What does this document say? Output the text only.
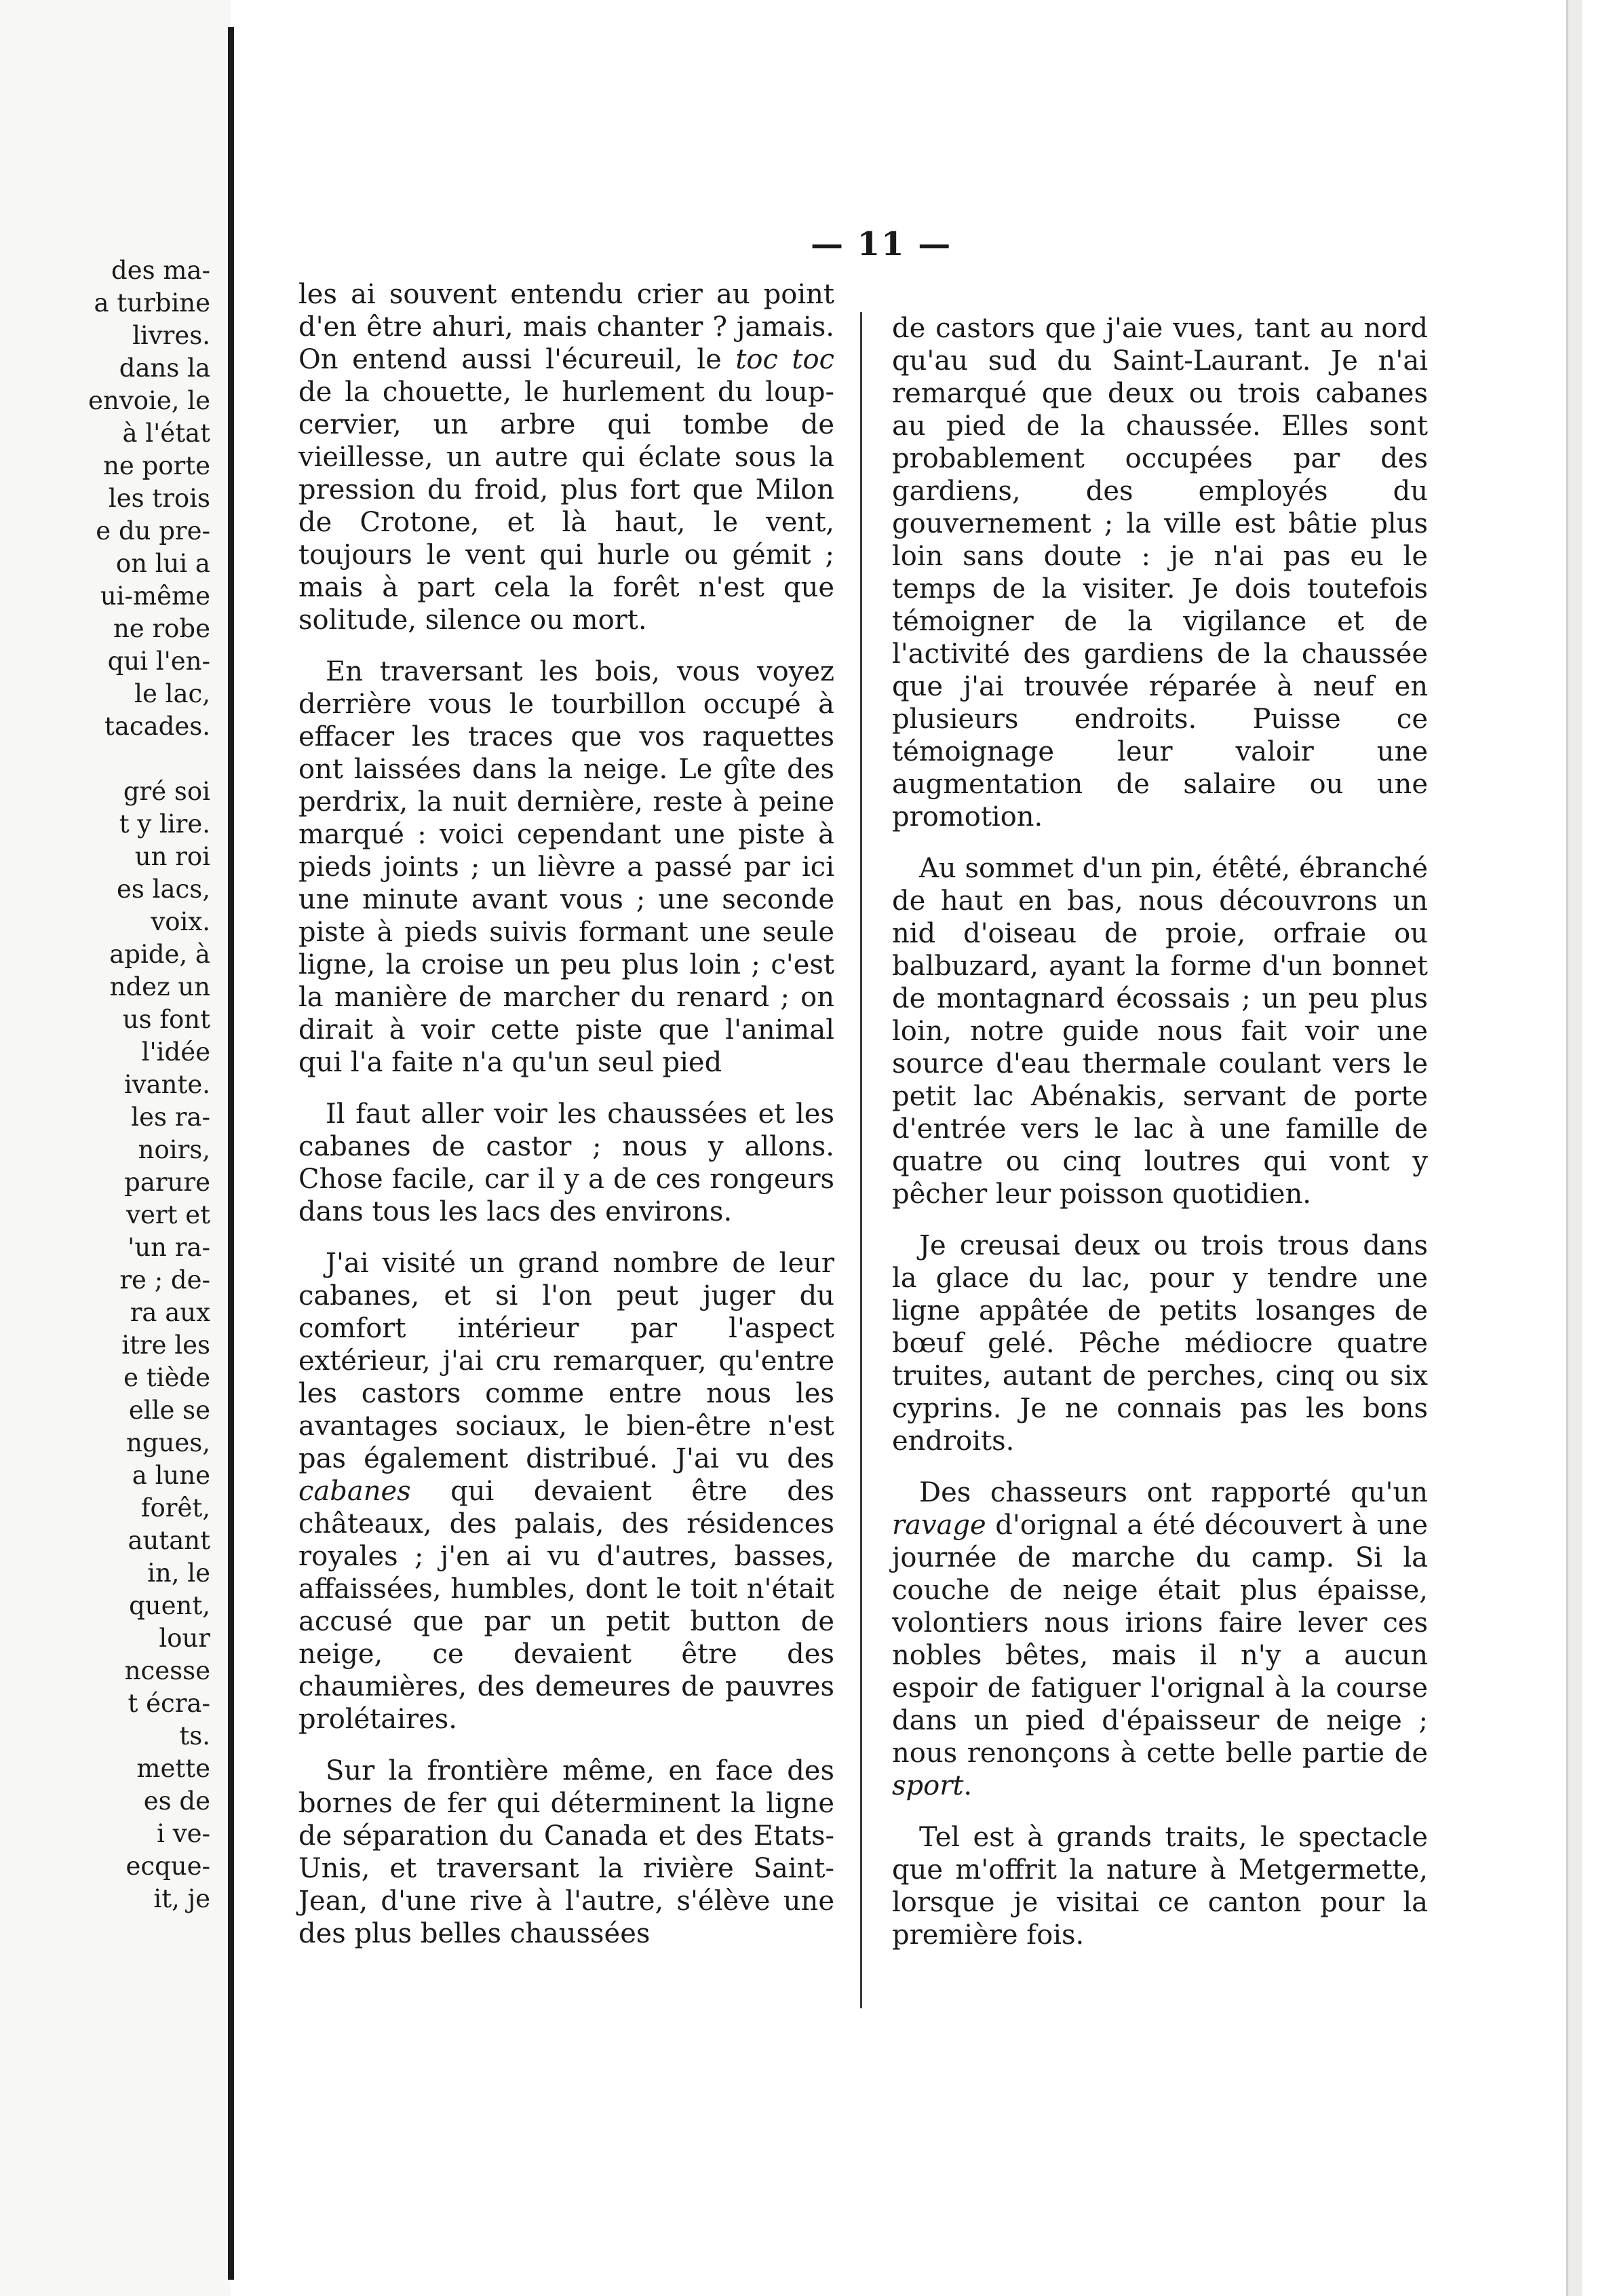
des ma-
a turbine
livres.
dans la
envoie, le
à l'état
ne porte
les trois
e du pre-
on lui a
ui-même
ne robe
qui l'en-
le lac,
tacades.

gré soi
t y lire.
un roi
es lacs,
voix.
apide, à
ndez un
us font
l'idée
ivante.
les ra-
noirs,
parure
vert et
'un ra-
re ; de-
ra aux
itre les
e tiède
elle se
ngues,
a lune
forêt,
autant
in, le
quent,
lour
ncesse
t écra-
ts.
mette
es de
i ve-
ecque-
it, je
— 11 —

les ai souvent entendu crier au point d'en être ahuri, mais chanter ? jamais. On entend aussi l'écureuil, le toc toc de la chouette, le hurlement du loup-cervier, un arbre qui tombe de vieillesse, un autre qui éclate sous la pression du froid, plus fort que Milon de Crotone, et là haut, le vent, toujours le vent qui hurle ou gémit ; mais à part cela la forêt n'est que solitude, silence ou mort.

En traversant les bois, vous voyez derrière vous le tourbillon occupé à effacer les traces que vos raquettes ont laissées dans la neige. Le gîte des perdrix, la nuit dernière, reste à peine marqué : voici cependant une piste à pieds joints ; un lièvre a passé par ici une minute avant vous ; une seconde piste à pieds suivis formant une seule ligne, la croise un peu plus loin ; c'est la manière de marcher du renard ; on dirait à voir cette piste que l'animal qui l'a faite n'a qu'un seul pied

Il faut aller voir les chaussées et les cabanes de castor ; nous y allons. Chose facile, car il y a de ces rongeurs dans tous les lacs des environs.

J'ai visité un grand nombre de leur cabanes, et si l'on peut juger du comfort intérieur par l'aspect extérieur, j'ai cru remarquer, qu'entre les castors comme entre nous les avantages sociaux, le bien-être n'est pas également distribué. J'ai vu des cabanes qui devaient être des châteaux, des palais, des résidences royales ; j'en ai vu d'autres, basses, affaissées, humbles, dont le toit n'était accusé que par un petit button de neige, ce devaient être des chaumières, des demeures de pauvres prolétaires.

Sur la frontière même, en face des bornes de fer qui déterminent la ligne de séparation du Canada et des Etats-Unis, et traversant la rivière Saint-Jean, d'une rive à l'autre, s'élève une des plus belles chaussées

de castors que j'aie vues, tant au nord qu'au sud du Saint-Laurant. Je n'ai remarqué que deux ou trois cabanes au pied de la chaussée. Elles sont probablement occupées par des gardiens, des employés du gouvernement ; la ville est bâtie plus loin sans doute : je n'ai pas eu le temps de la visiter. Je dois toutefois témoigner de la vigilance et de l'activité des gardiens de la chaussée que j'ai trouvée réparée à neuf en plusieurs endroits. Puisse ce témoignage leur valoir une augmentation de salaire ou une promotion.

Au sommet d'un pin, étêté, ébranché de haut en bas, nous découvrons un nid d'oiseau de proie, orfraie ou balbuzard, ayant la forme d'un bonnet de montagnard écossais ; un peu plus loin, notre guide nous fait voir une source d'eau thermale coulant vers le petit lac Abénakis, servant de porte d'entrée vers le lac à une famille de quatre ou cinq loutres qui vont y pêcher leur poisson quotidien.

Je creusai deux ou trois trous dans la glace du lac, pour y tendre une ligne appâtée de petits losanges de bœuf gelé. Pêche médiocre quatre truites, autant de perches, cinq ou six cyprins. Je ne connais pas les bons endroits.

Des chasseurs ont rapporté qu'un ravage d'orignal a été découvert à une journée de marche du camp. Si la couche de neige était plus épaisse, volontiers nous irions faire lever ces nobles bêtes, mais il n'y a aucun espoir de fatiguer l'orignal à la course dans un pied d'épaisseur de neige ; nous renonçons à cette belle partie de sport.

Tel est à grands traits, le spectacle que m'offrit la nature à Metgermette, lorsque je visitai ce canton pour la première fois.
